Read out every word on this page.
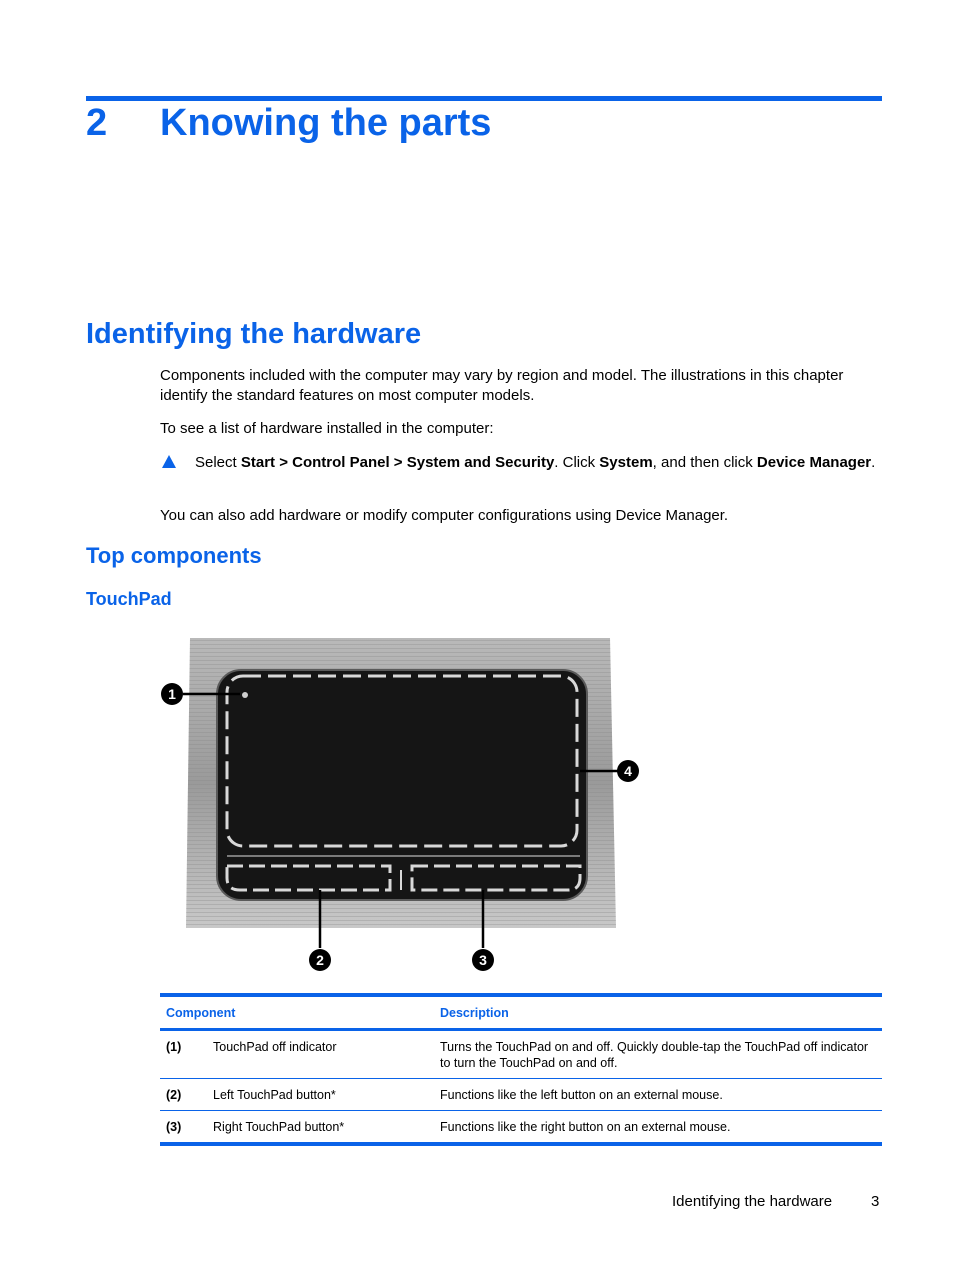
2 Knowing the parts
Identifying the hardware
Components included with the computer may vary by region and model. The illustrations in this chapter identify the standard features on most computer models.
To see a list of hardware installed in the computer:
Select Start > Control Panel > System and Security. Click System, and then click Device Manager.
You can also add hardware or modify computer configurations using Device Manager.
Top components
TouchPad
1
4
2	3
Component		Description
(1)	TouchPad off indicator	Turns the TouchPad on and off. Quickly double-tap the TouchPad off indicator to turn the TouchPad on and off.
(2)	Left TouchPad button*	Functions like the left button on an external mouse.
(3)	Right TouchPad button*	Functions like the right button on an external mouse.
Identifying the hardware	3
